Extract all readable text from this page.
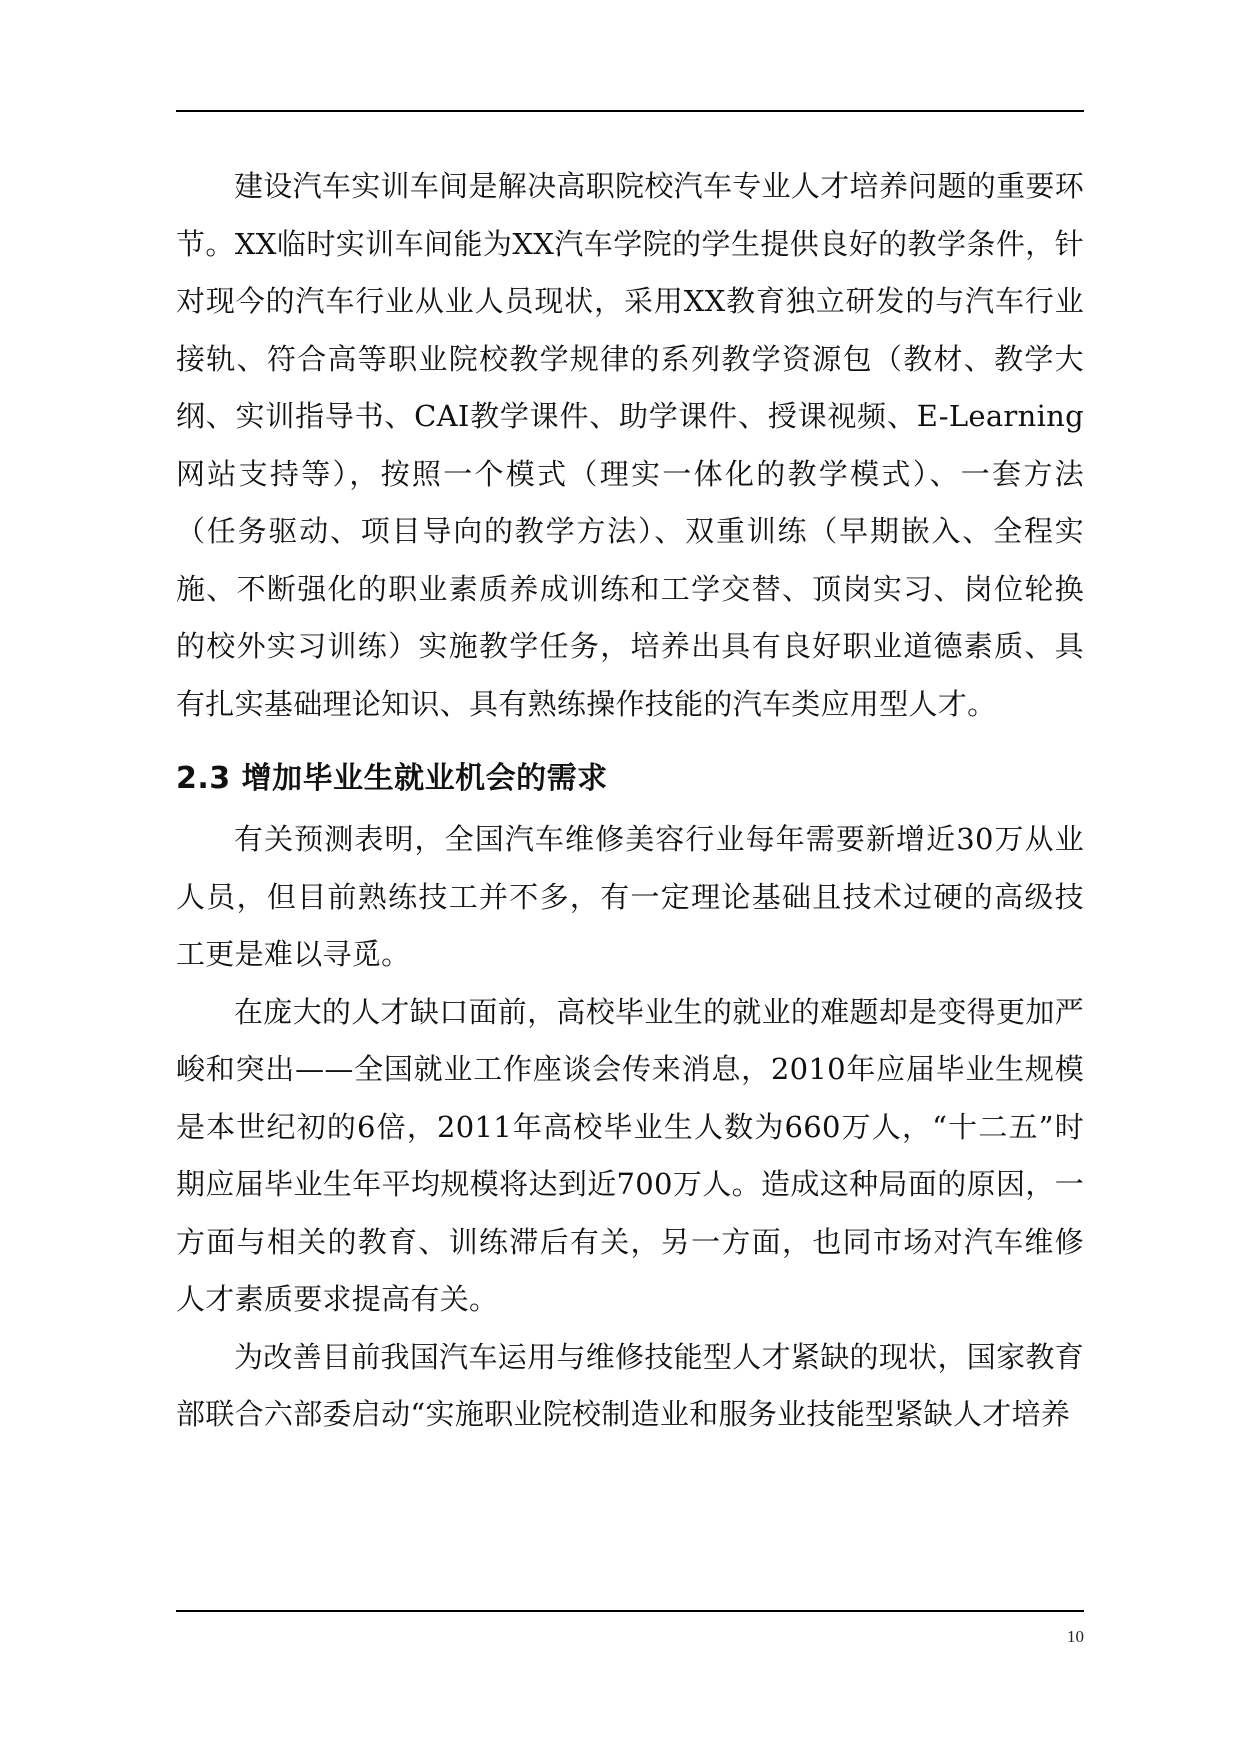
建设汽车实训车间是解决高职院校汽车专业人才培养问题的重要环节。XX临时实训车间能为XX汽车学院的学生提供良好的教学条件，针对现今的汽车行业从业人员现状，采用XX教育独立研发的与汽车行业接轨、符合高等职业院校教学规律的系列教学资源包（教材、教学大纲、实训指导书、CAI教学课件、助学课件、授课视频、E-Learning网站支持等），按照一个模式（理实一体化的教学模式）、一套方法（任务驱动、项目导向的教学方法）、双重训练（早期嵌入、全程实施、不断强化的职业素质养成训练和工学交替、顶岗实习、岗位轮换的校外实习训练）实施教学任务，培养出具有良好职业道德素质、具有扎实基础理论知识、具有熟练操作技能的汽车类应用型人才。

2.3 增加毕业生就业机会的需求

有关预测表明，全国汽车维修美容行业每年需要新增近30万从业人员，但目前熟练技工并不多，有一定理论基础且技术过硬的高级技工更是难以寻觅。

在庞大的人才缺口面前，高校毕业生的就业的难题却是变得更加严峻和突出——全国就业工作座谈会传来消息，2010年应届毕业生规模是本世纪初的6倍，2011年高校毕业生人数为660万人，“十二五”时期应届毕业生年平均规模将达到近700万人。造成这种局面的原因，一方面与相关的教育、训练滞后有关，另一方面，也同市场对汽车维修人才素质要求提高有关。

为改善目前我国汽车运用与维修技能型人才紧缺的现状，国家教育部联合六部委启动“实施职业院校制造业和服务业技能型紧缺人才培养

10
